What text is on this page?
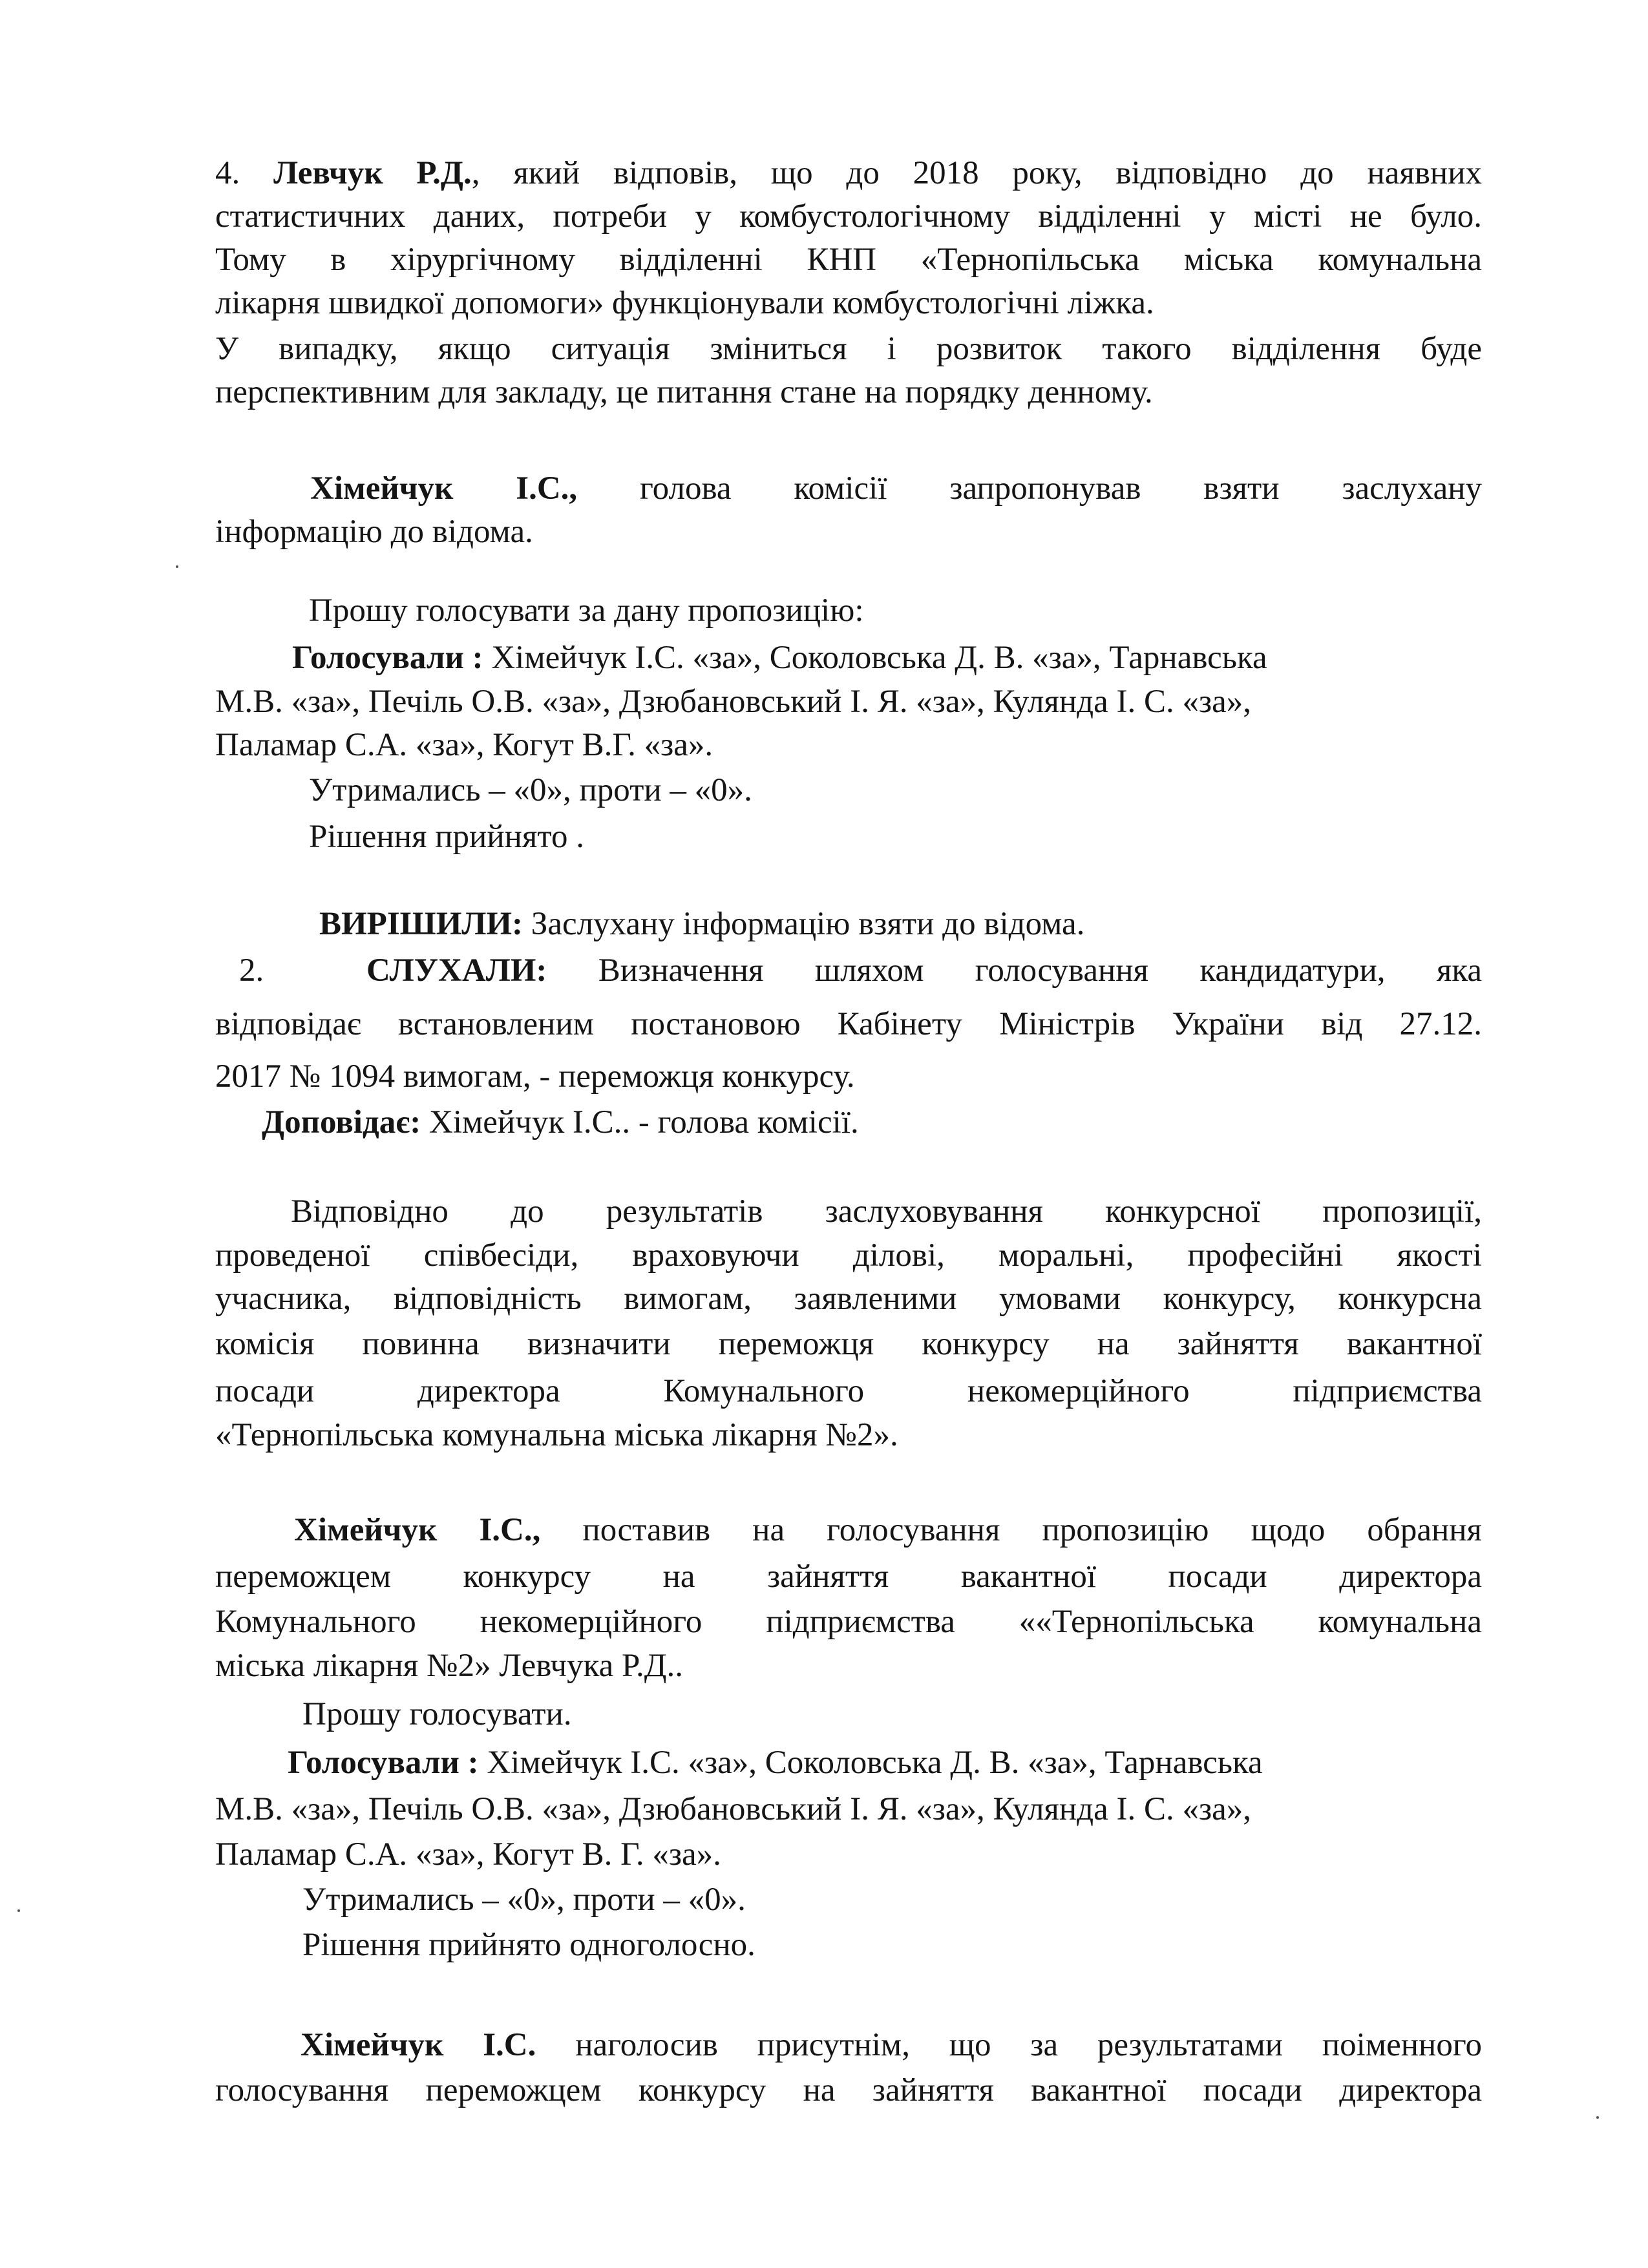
4. Левчук Р.Д., який відповів, що до 2018 року, відповідно до наявних
статистичних даних, потреби у комбустологічному відділенні у місті не було.
Тому в хірургічному відділенні КНП «Тернопільська міська комунальна
лікарня швидкої допомоги» функціонували комбустологічні ліжка.
У випадку, якщо ситуація зміниться і розвиток такого відділення буде
перспективним для закладу, це питання стане на порядку денному.
Хімейчук І.С., голова комісії запропонував взяти заслухану
інформацію до відома.
Прошу голосувати за дану пропозицію:
Голосували : Хімейчук І.С. «за», Соколовська Д. В. «за», Тарнавська
М.В. «за», Печіль О.В. «за», Дзюбановський І. Я. «за», Кулянда І. С. «за»,
Паламар С.А. «за», Когут В.Г. «за».
Утримались – «0», проти – «0».
Рішення прийнято .
ВИРІШИЛИ: Заслухану інформацію взяти до відома.
2.	СЛУХАЛИ: Визначення шляхом голосування кандидатури, яка
відповідає встановленим постановою Кабінету Міністрів України від 27.12.
2017 № 1094 вимогам, - переможця конкурсу.
Доповідає: Хімейчук І.С.. - голова комісії.
Відповідно до результатів заслуховування конкурсної пропозиції,
проведеної співбесіди, враховуючи ділові, моральні, професійні якості
учасника, відповідність вимогам, заявленими умовами конкурсу, конкурсна
комісія повинна визначити переможця конкурсу на зайняття вакантної
посади директора Комунального некомерційного підприємства
«Тернопільська комунальна міська лікарня №2».
Хімейчук І.С., поставив на голосування пропозицію щодо обрання
переможцем конкурсу на зайняття вакантної посади директора
Комунального некомерційного підприємства ««Тернопільська комунальна
міська лікарня №2» Левчука Р.Д..
Прошу голосувати.
Голосували : Хімейчук І.С. «за», Соколовська Д. В. «за», Тарнавська
М.В. «за», Печіль О.В. «за», Дзюбановський І. Я. «за», Кулянда І. С. «за»,
Паламар С.А. «за», Когут В. Г. «за».
Утримались – «0», проти – «0».
Рішення прийнято одноголосно.
Хімейчук І.С. наголосив присутнім, що за результатами поіменного
голосування переможцем конкурсу на зайняття вакантної посади директора
